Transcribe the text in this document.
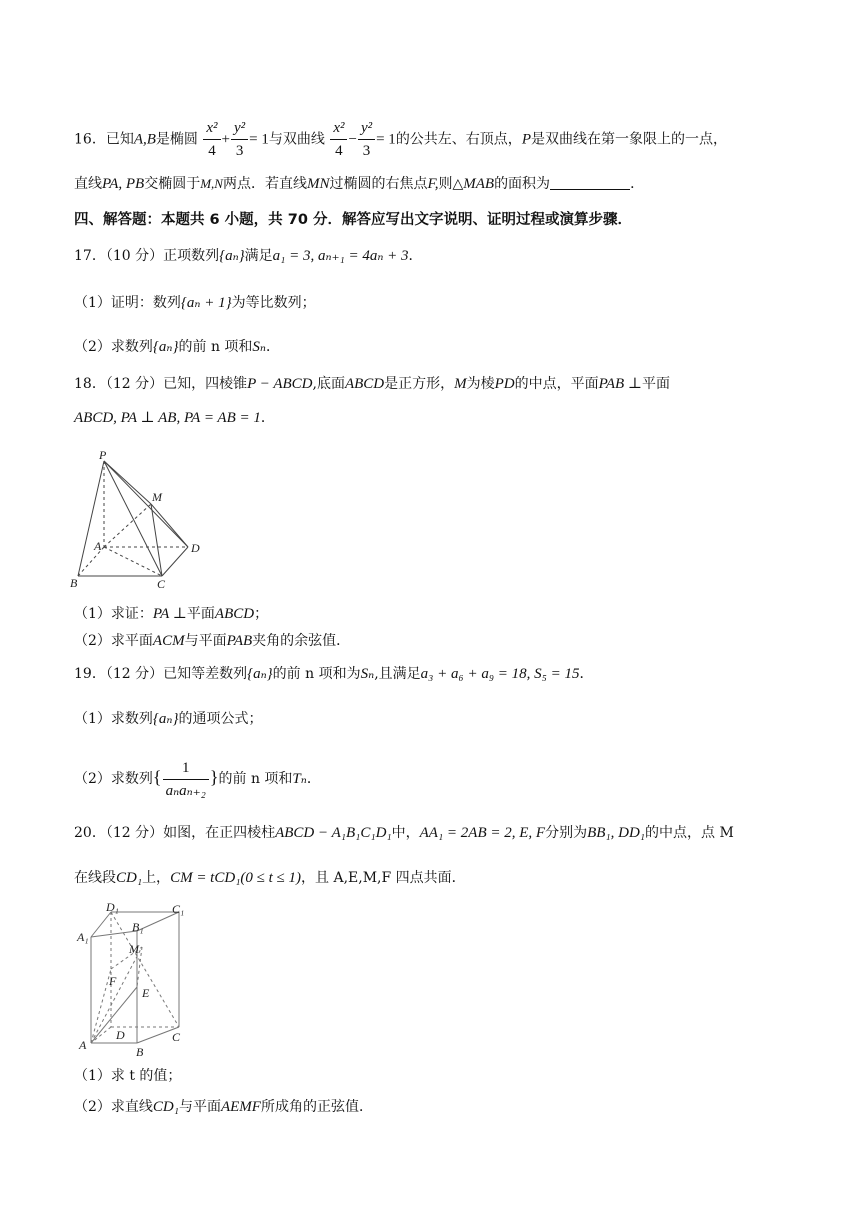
16．已知A,B是椭圆 $\frac{\text{x²}}{4} + \frac{\text{y²}}{3} = 1$与双曲线 $\frac{\text{x²}}{4} - \frac{\text{y²}}{3} = 1$的公共左、右顶点，P是双曲线在第一象限上的一点，
直线PA, PB交椭圆于M,N两点．若直线MN过椭圆的右焦点F,则△MAB的面积为	．
四、解答题：本题共 6 小题，共 70 分．解答应写出文字说明、证明过程或演算步骤．
17．（10 分）正项数列{aₙ}满足a₁ = 3, aₙ₊₁ = 4aₙ + 3．
（1）证明：数列{aₙ + 1}为等比数列；
（2）求数列{aₙ}的前 n 项和Sₙ．
18．（12 分）已知，四棱锥P − ABCD,底面ABCD是正方形，M为棱PD的中点，平面PAB ⊥平面
ABCD, PA ⊥ AB, PA = AB = 1．
P
M
A	D
B	C
（1）求证：PA ⊥平面ABCD；
（2）求平面ACM与平面PAB夹角的余弦值．
19．（12 分）已知等差数列{aₙ}的前 n 项和为Sₙ,且满足a₃ + a₆ + a₉ = 18, S₅ = 15．
（1）求数列{aₙ}的通项公式；
（2）求数列{ $\frac{1}{\text{aₙaₙ₊₂}}$ }的前 n 项和Tₙ．
20．（12 分）如图，在正四棱柱ABCD − A₁B₁C₁D₁中，AA₁ = 2AB = 2, E, F分别为BB₁, DD₁的中点，点 M
在线段CD₁上，CM = tCD₁(0 ≤ t ≤ 1)，且 A,E,M,F 四点共面．
D₁	C₁
A₁
B₁
M
F
E
C
A
D
B
（1）求 t 的值；
（2）求直线CD₁与平面AEMF所成角的正弦值．
